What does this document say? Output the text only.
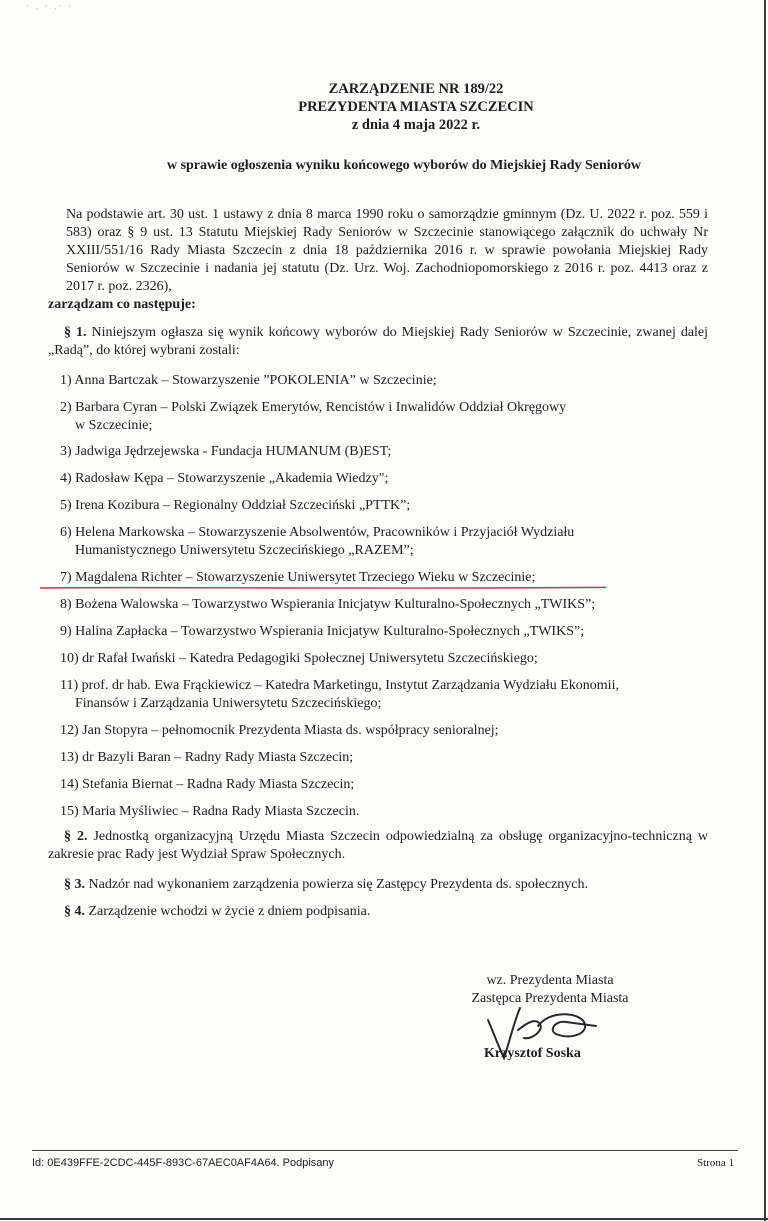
˙ · ˙ ·˙ ˙
ZARZĄDZENIE NR 189/22
PREZYDENTA MIASTA SZCZECIN
z dnia 4 maja 2022 r.
w sprawie ogłoszenia wyniku końcowego wyborów do Miejskiej Rady Seniorów
Na podstawie art. 30 ust. 1 ustawy z dnia 8 marca 1990 roku o samorządzie gminnym (Dz. U. 2022 r. poz. 559 i 583) oraz § 9 ust. 13 Statutu Miejskiej Rady Seniorów w Szczecinie stanowiącego załącznik do uchwały Nr XXIII/551/16 Rady Miasta Szczecin z dnia 18 października 2016 r. w sprawie powołania Miejskiej Rady Seniorów w Szczecinie i nadania jej statutu (Dz. Urz. Woj. Zachodniopomorskiego z 2016 r. poz. 4413 oraz z 2017 r. poz. 2326),
zarządzam co następuje:
§ 1. Niniejszym ogłasza się wynik końcowy wyborów do Miejskiej Rady Seniorów w Szczecinie, zwanej dalej „Radą”, do której wybrani zostali:
1) Anna Bartczak – Stowarzyszenie ”POKOLENIA” w Szczecinie;
2) Barbara Cyran – Polski Związek Emerytów, Rencistów i Inwalidów Oddział Okręgowy
w Szczecinie;
3) Jadwiga Jędrzejewska - Fundacja HUMANUM (B)EST;
4) Radosław Kępa – Stowarzyszenie „Akademia Wiedzy";
5) Irena Kozibura – Regionalny Oddział Szczeciński „PTTK”;
6) Helena Markowska – Stowarzyszenie Absolwentów, Pracowników i Przyjaciół Wydziału
Humanistycznego Uniwersytetu Szczecińskiego „RAZEM”;
7) Magdalena Richter – Stowarzyszenie Uniwersytet Trzeciego Wieku w Szczecinie;
8) Bożena Walowska – Towarzystwo Wspierania Inicjatyw Kulturalno-Społecznych „TWIKS”;
9) Halina Zapłacka – Towarzystwo Wspierania Inicjatyw Kulturalno-Społecznych „TWIKS”;
10) dr Rafał Iwański – Katedra Pedagogiki Społecznej Uniwersytetu Szczecińskiego;
11) prof. dr hab. Ewa Frąckiewicz – Katedra Marketingu, Instytut Zarządzania Wydziału Ekonomii,
Finansów i Zarządzania Uniwersytetu Szczecińskiego;
12) Jan Stopyra – pełnomocnik Prezydenta Miasta ds. współpracy senioralnej;
13) dr Bazyli Baran – Radny Rady Miasta Szczecin;
14) Stefania Biernat – Radna Rady Miasta Szczecin;
15) Maria Myśliwiec – Radna Rady Miasta Szczecin.
§ 2. Jednostką organizacyjną Urzędu Miasta Szczecin odpowiedzialną za obsługę organizacyjno-techniczną w zakresie prac Rady jest Wydział Spraw Społecznych.
§ 3. Nadzór nad wykonaniem zarządzenia powierza się Zastępcy Prezydenta ds. społecznych.
§ 4. Zarządzenie wchodzi w życie z dniem podpisania.
wz. Prezydenta Miasta
Zastępca Prezydenta Miasta
Krzysztof Soska
Id: 0E439FFE-2CDC-445F-893C-67AEC0AF4A64. Podpisany	Strona 1
